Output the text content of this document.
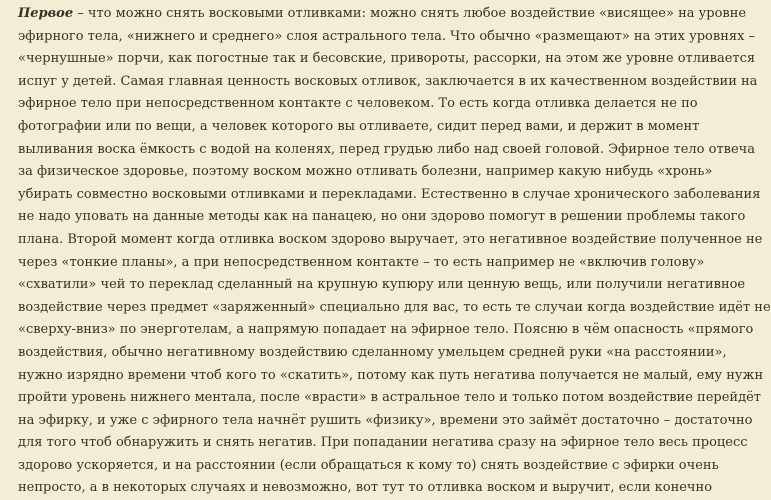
Первое – что можно снять восковыми отливками: можно снять любое воздействие «висящее» на уровне
эфирного тела, «нижнего и среднего» слоя астрального тела. Что обычно «размещают» на этих уровнях –
«чернушные» порчи, как погостные так и бесовские, привороты, рассорки, на этом же уровне отливается
испуг у детей. Самая главная ценность восковых отливок, заключается в их качественном воздействии на
эфирное тело при непосредственном контакте с человеком. То есть когда отливка делается не по
фотографии или по вещи, а человек которого вы отливаете, сидит перед вами, и держит в момент
выливания воска ёмкость с водой на коленях, перед грудью либо над своей головой. Эфирное тело отвеча
за физическое здоровье, поэтому воском можно отливать болезни, например какую нибудь «хронь»
убирать совместно восковыми отливками и перекладами. Естественно в случае хронического заболевания
не надо уповать на данные методы как на панацею, но они здорово помогут в решении проблемы такого
плана. Второй момент когда отливка воском здорово выручает, это негативное воздействие полученное не
через «тонкие планы», а при непосредственном контакте – то есть например не «включив голову»
«схватили» чей то переклад сделанный на крупную купюру или ценную вещь, или получили негативное
воздействие через предмет «заряженный» специально для вас, то есть те случаи когда воздействие идёт не
«сверху-вниз» по энерготелам, а напрямую попадает на эфирное тело. Поясню в чём опасность «прямого
воздействия, обычно негативному воздействию сделанному умельцем средней руки «на расстоянии»,
нужно изрядно времени чтоб кого то «скатить», потому как путь негатива получается не малый, ему нужн
пройти уровень нижнего ментала, после «врасти» в астральное тело и только потом воздействие перейдёт
на эфирку, и уже с эфирного тела начнёт рушить «физику», времени это займёт достаточно – достаточно
для того чтоб обнаружить и снять негатив. При попадании негатива сразу на эфирное тело весь процесс
здорово ускоряется, и на расстоянии (если обращаться к кому то) снять воздействие с эфирки очень
непросто, а в некоторых случаях и невозможно, вот тут то отливка воском и выручит, если конечно
